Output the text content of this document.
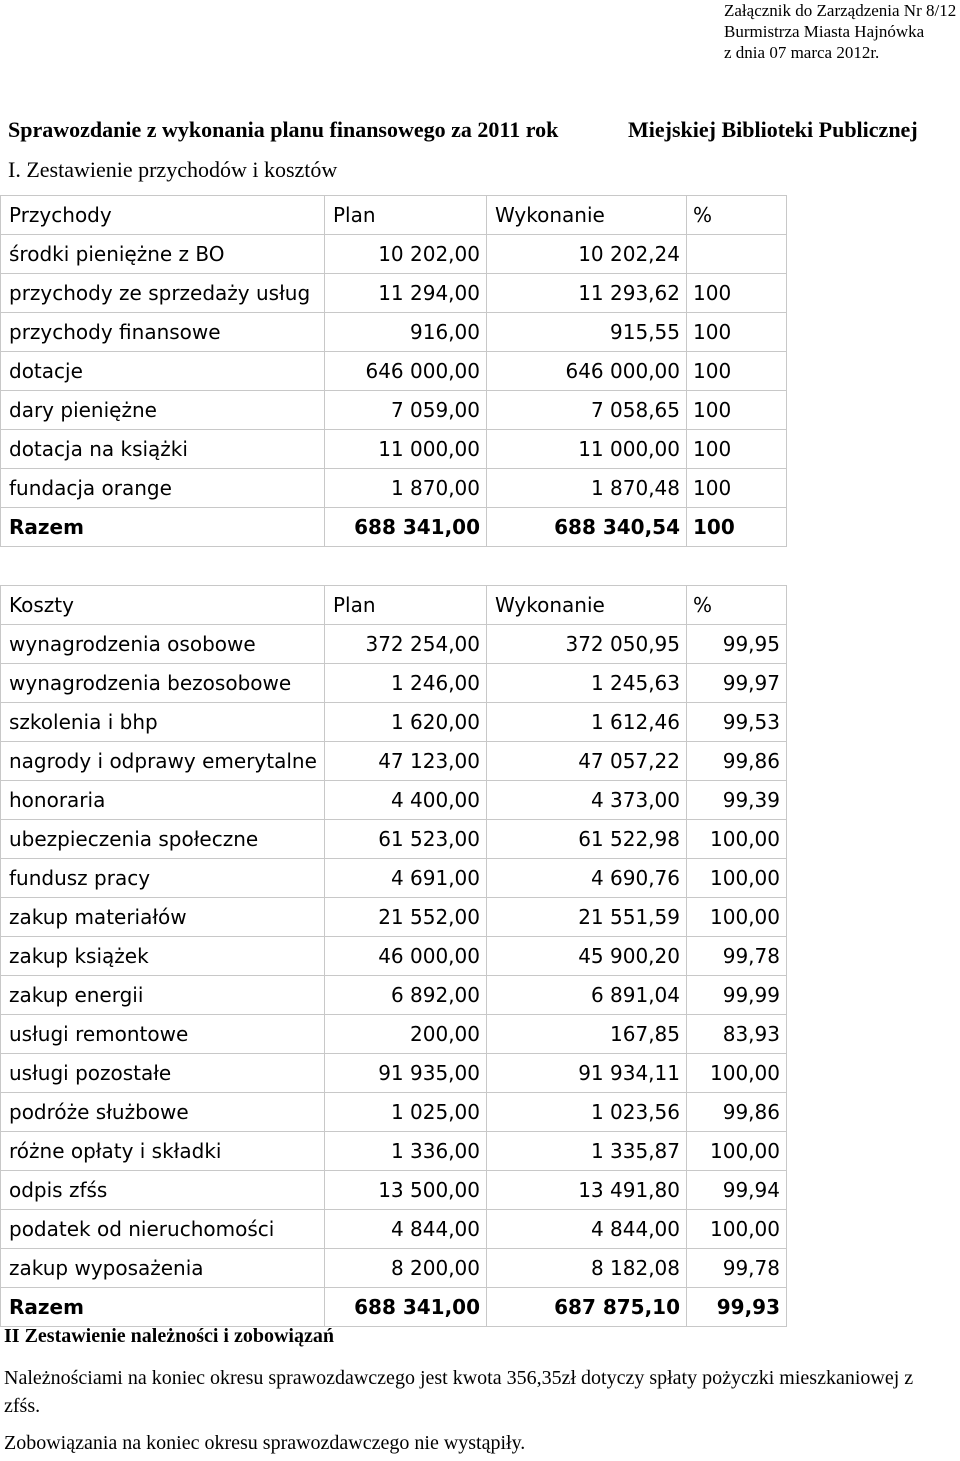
Załącznik do Zarządzenia Nr 8/12
Burmistrza Miasta Hajnówka
z dnia 07 marca 2012r.
Sprawozdanie z wykonania planu finansowego za 2011 rok	Miejskiej Biblioteki Publicznej
I. Zestawienie przychodów i kosztów
Przychody	Plan	Wykonanie	%
środki pieniężne z BO	10 202,00	10 202,24	
przychody ze sprzedaży usług	11 294,00	11 293,62	100
przychody finansowe	916,00	915,55	100
dotacje	646 000,00	646 000,00	100
dary pieniężne	7 059,00	7 058,65	100
dotacja na książki	11 000,00	11 000,00	100
fundacja orange	1 870,00	1 870,48	100
Razem	688 341,00	688 340,54	100
Koszty	Plan	Wykonanie	%
wynagrodzenia osobowe	372 254,00	372 050,95	99,95
wynagrodzenia bezosobowe	1 246,00	1 245,63	99,97
szkolenia i bhp	1 620,00	1 612,46	99,53
nagrody i odprawy emerytalne	47 123,00	47 057,22	99,86
honoraria	4 400,00	4 373,00	99,39
ubezpieczenia społeczne	61 523,00	61 522,98	100,00
fundusz pracy	4 691,00	4 690,76	100,00
zakup materiałów	21 552,00	21 551,59	100,00
zakup książek	46 000,00	45 900,20	99,78
zakup energii	6 892,00	6 891,04	99,99
usługi remontowe	200,00	167,85	83,93
usługi pozostałe	91 935,00	91 934,11	100,00
podróże służbowe	1 025,00	1 023,56	99,86
różne opłaty i składki	1 336,00	1 335,87	100,00
odpis zfśs	13 500,00	13 491,80	99,94
podatek od nieruchomości	4 844,00	4 844,00	100,00
zakup wyposażenia	8 200,00	8 182,08	99,78
Razem	688 341,00	687 875,10	99,93
II Zestawienie należności i zobowiązań
Należnościami na koniec okresu sprawozdawczego jest kwota 356,35zł dotyczy spłaty pożyczki mieszkaniowej z zfśs.
Zobowiązania na koniec okresu sprawozdawczego nie wystąpiły.
